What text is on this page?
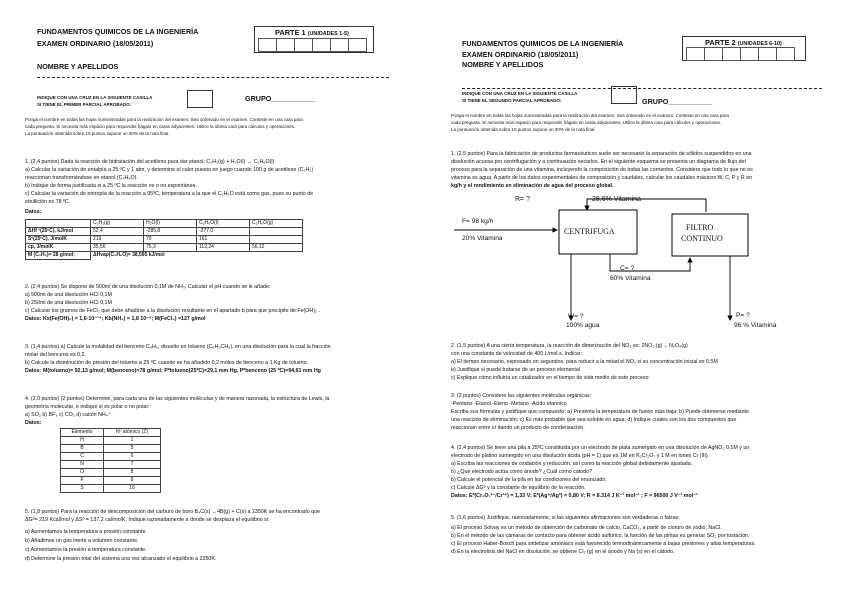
FUNDAMENTOS QUIMICOS DE LA INGENIERÍA
EXAMEN ORDINARIO (18/05/2011)
NOMBRE Y APELLIDOS
PARTE 1 (UNIDADES 1-5)

INDIQUE CON UNA CRUZ EN LA SIGUIENTE CASILLA
SI TIENE EL PRIMER PARCIAL APROBADO:
GRUPO___________
Ponga el nombre en todas las hojas suministradas para la realización del examen. Sea ordenado en el examen. Conteste en una cara para
cada pregunta. Si necesita más espacio para responder hágalo en caras adyacentes. Utilice la última cara para cálculos y operaciones.
La puntuación obtenida sobre 10 puntos supone un 30% de la nota final.
1. (2,4 puntos) Dada la reacción de hidratación del acetileno para dar etanol: C₂H₂(g) + H₂O(l) → C₂H₆O(l)
a) Calcular la variación de entalpía a 25 ºC y 1 atm, y determine el calor puesto en juego cuando 100 g de acetileno (C₂H₂)
reaccionan transformándose en etanol (C₂H₆O).
b) Indique de forma justificada si a 25 ºC la reacción es o no espontánea.
c) Calcular la variación de entropía de la reacción a 95ºC, temperatura a la que el C₂H₆O está como gas, pues su punto de
ebullición es 78 ºC.
Datos:
	C₂H₂(g)	H₂O(l)	C₂H₆O(l)	C₂H₆O(g)
ΔHf º(25ºC), kJ/mol	52,4	-285,8	-277,0	
Sº(25ºC), J/molK	219	70	161	
cp, J/molK	35,56	75,3	112,24	56,12
M (C₂H₂)= 28 g/mol;	ΔHvap(C₂H₆O)= 38,595 kJ/mol			
2. (2,4 puntos) Se dispone de 500ml de una disolución 0,1M de NH₃. Calcular el pH cuando se le añade:
a) 500ml de una disolución HCl 0,1M
b) 250ml de una disolución HCl 0,1M
c) Calcular los gramos de FeCl₂ que debe añadirse a la disolución resultante en el apartado b para que precipite de Fe(OH)₂ .
Datos: Ks(Fe(OH)₂) = 1,6·10⁻¹⁴; Kb(NH₃) = 1,8 10⁻⁵; M(FeCl₂) =127 g/mol
3. (1,4 puntos) a) Calcule la molalidad del benceno C₆H₆, disuelto en tolueno (C₆H₅CH₃), en una disolución para la cual la fracción
molar del benceno es 0,2.
b) Calcule la disminución de presión del tolueno a 25 ºC cuando se ha añadido 0,2 moles de benceno a 1 Kg de tolueno.
Datos: M(tolueno)= 92,13 g/mol; M(benceno)=78 g/mol; Pºtolueno(25ºC)=29,1 mm Hg. Pºbenceno (25 ºC)=94,61 mm Hg
4. (2,0 puntos) (2 puntos) Determine, para cada una de las siguientes moléculas y de manera razonada, la estructura de Lewis, la
geometría molecular, e indique si es polar o no polar:
a) SO₂ b) BF₃ c) CO₂ d) catión NH₄⁺
Datos:
Elemento	Nº atómico (Z)
H	1
B	5
C	6
N	7
O	8
F	9
S	16
5. (1,8 puntos) Para la reacción de descomposición del carburo de boro B₄C(s) ↔4B(g) + C(s) a 2350K se ha encontrado que
ΔGº= 219 Kcal/mol y ΔSº = 137,2 cal/molK. Indique razonadamente a donde se desplaza el equilibrio si:
a) Aumentamos la temperatura a presión constante.
b) Añadimos un gas inerte a volumen constante.
c) Aumentamos la presión a temperatura constante.
d) Determine la presión total del sistema una vez alcanzado el equilibrio a 2350K.
FUNDAMENTOS QUIMICOS DE LA INGENIERÍA
EXAMEN ORDINARIO (18/05/2011)
NOMBRE Y APELLIDOS
PARTE 2 (UNIDADES 6-10)

INDIQUE CON UNA CRUZ EN LA SIGUIENTE CASILLA
SI TIENE EL SEGUNDO PARCIAL APROBADO:	GRUPO___________
Ponga el nombre en todas las hojas suministradas para la realización del examen. Sea ordenado en el examen. Conteste en una cara para
cada pregunta. Si necesita más espacio para responder hágalo en caras adyacentes. Utilice la última cara para cálculos y operaciones.
La puntuación obtenida sobre 10 puntos supone un 30% de la nota final.
1. (2,5 puntos) Para la fabricación de productos farmacéuticos suele ser necesario la separación de sólidos suspendidos en una
disolución acuosa por centrifugación y a continuación secarlos. En el siguiente esquema se presenta un diagrama de flujo del
proceso para la separación de una vitamina, incluyendo la composición de todas las corrientes. Considere que todo lo que no es
vitamina es agua. A partir de los datos experimentales de composición y caudales, calcular los caudales másicos W, C, P y R en
kg/h y el rendimiento en eliminación de agua del proceso global.
R= ?	28,6% Vitamina
F= 98 kg/h
20% Vitamina
CENTRIFUGA	FILTRO
CONTINUO
C= ?
60% Vitamina
W= ?
100% agua
P= ?
96 % Vitamina
2. (1,5 puntos) A una cierta temperatura, la reacción de dimerización del NO₂ es: 2NO₂ (g)→ N₂O₄(g)
con una constante de velocidad de 400 L/mol.s. Indicar:
a) El tiempo necesario, expresado en segundos, para reducir a la mitad el NO₂ si su concentración inicial es 0,5M
b) Justifique si puede tratarse de un proceso elemental
c) Explique cómo influiría un catalizador en el tiempo de vida medio de este proceso
3. (2 puntos) Considere las siguientes moléculas orgánicas:
-Pentano -Etanol -Eteno -Metano -Acido etanoico
Escriba sus fórmulas y justifique que compuesto: a) Presenta la temperatura de fusión más baja; b) Puede obtenerse mediante
una reacción de eliminación; c) Es más probable que sea soluble en agua; d) Indique cuales son los dos compuestos que
reaccionan entre sí dando un producto de condensación.
4. (2,4 puntos) Se tiene una pila a 25ºC constituida por un electrodo de plata sumergido en una disolución de AgNO₃ 0,1M y un
electrodo de platino sumergido en una disolución ácida (pH = 1) que es 1M en K₂Cr₂O₇ y 1 M en iones Cr (III).
a) Escriba las reacciones de oxidación y reducción, así como la reacción global debidamente ajustada.
b) ¿Qué electrodo actúa como ánodo? ¿Cuál como cátodo?
b) Calcule el potencial de la pila en las condiciones del enunciado.
c) Calcule ΔGº y la constante de equilibrio de la reacción.
Datos: Eº(Cr₂O₇²⁻/Cr³⁺) = 1,33 V; Eº(Ag⁺/Agº) = 0,80 V; R = 8.314 J K⁻¹ mol⁻¹ ; F = 96500 J V⁻¹ mol⁻¹
5. (1,6 puntos) Justifique, razonadamente, si las siguientes afirmaciones son verdaderas o falsas:
a) El proceso Solvay es un método de obtención de carbonato de calcio, CaCO₃, a partir de cloruro de sodio, NaCl.
b) En el método de las cámaras de contacto para obtener ácido sulfúrico, la función de las piritas es generar SO₂ por tostación.
c) El proceso Haber-Bosch para sintetizar amoniaco está favorecido termodinámicamente a bajas presiones y altas temperaturas.
d) En la electrolisis del NaCl en disolución, se obtiene Cl₂ (g) en el ánodo y Na (s) en el cátodo.
